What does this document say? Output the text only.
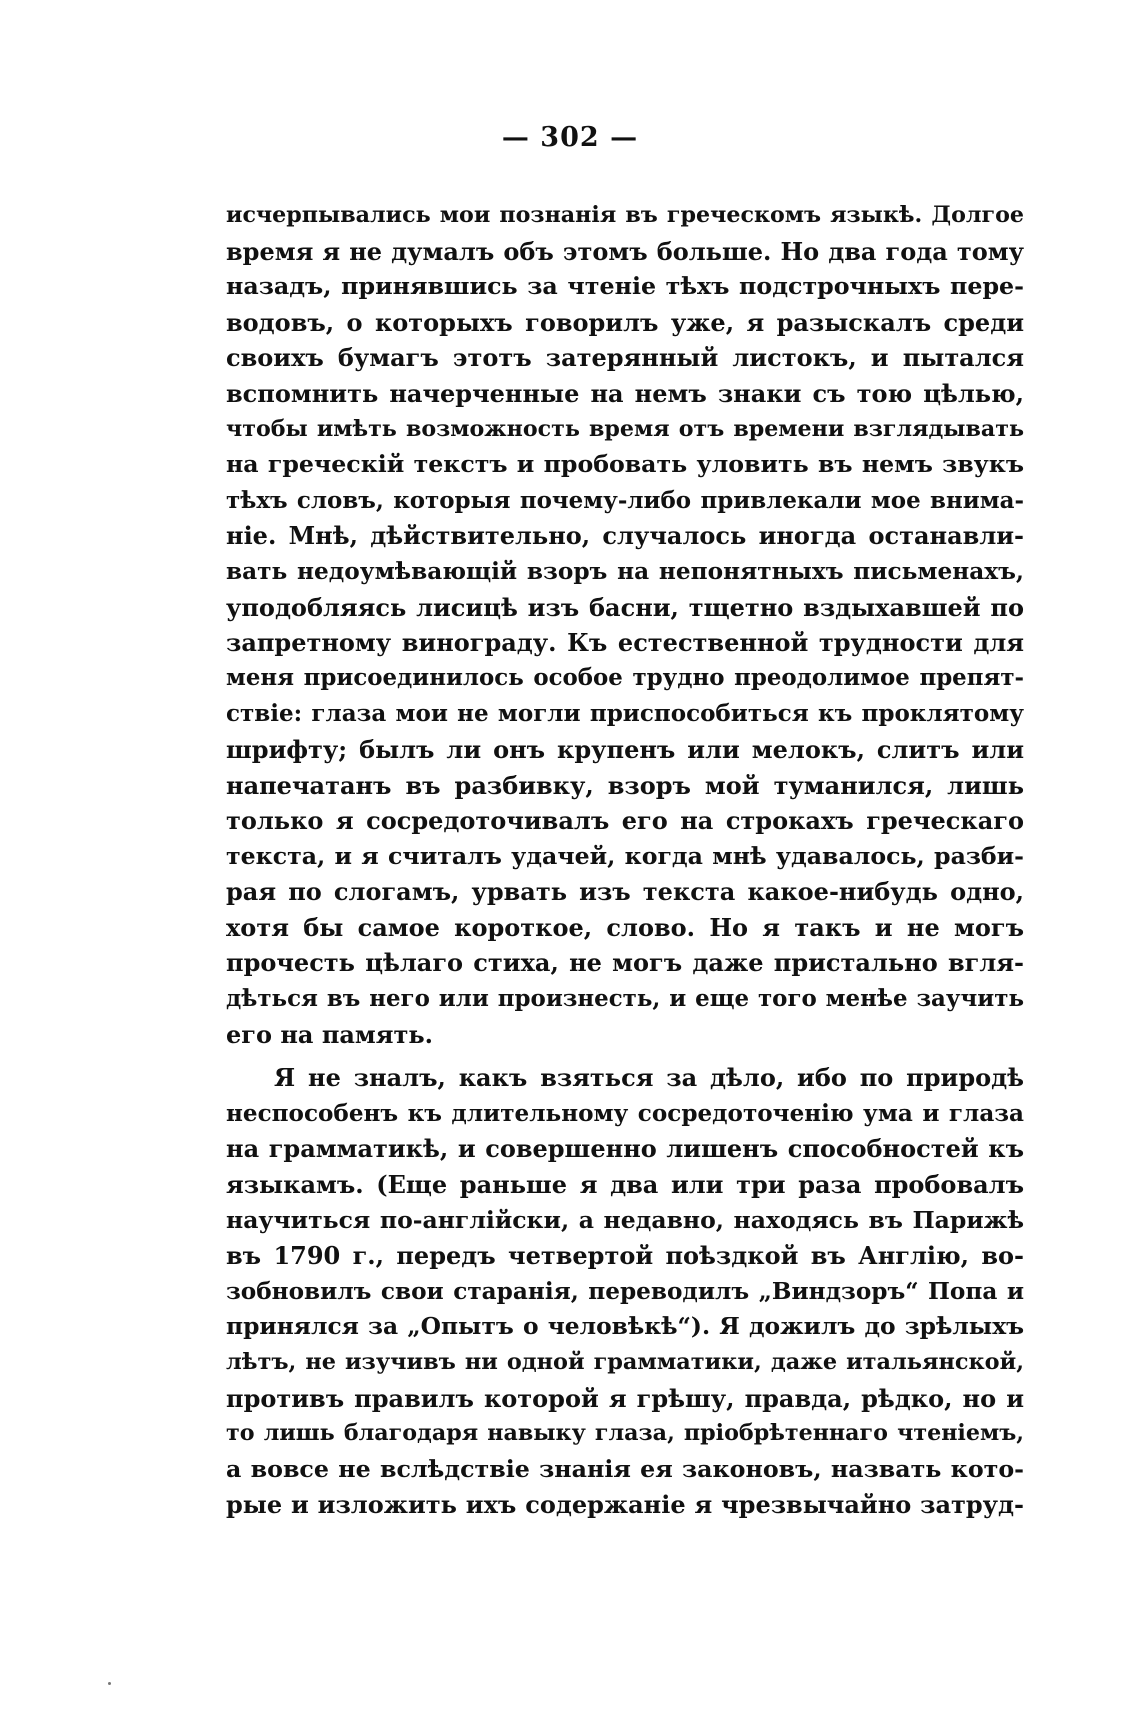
— 302 —
исчерпывались мои познанія въ греческомъ языкѣ. Долгое
время я не думалъ объ этомъ больше. Но два года тому
назадъ, принявшись за чтеніе тѣхъ подстрочныхъ пере-
водовъ, о которыхъ говорилъ уже, я разыскалъ среди
своихъ бумагъ этотъ затерянный листокъ, и пытался
вспомнить начерченные на немъ знаки съ тою цѣлью,
чтобы имѣть возможность время отъ времени взглядывать
на греческій текстъ и пробовать уловить въ немъ звукъ
тѣхъ словъ, которыя почему-либо привлекали мое внима-
ніе. Мнѣ, дѣйствительно, случалось иногда останавли-
вать недоумѣвающій взоръ на непонятныхъ письменахъ,
уподобляясь лисицѣ изъ басни, тщетно вздыхавшей по
запретному винограду. Къ естественной трудности для
меня присоединилось особое трудно преодолимое препят-
ствіе: глаза мои не могли приспособиться къ проклятому
шрифту; былъ ли онъ крупенъ или мелокъ, слитъ или
напечатанъ въ разбивку, взоръ мой туманился, лишь
только я сосредоточивалъ его на строкахъ греческаго
текста, и я считалъ удачей, когда мнѣ удавалось, разби-
рая по слогамъ, урвать изъ текста какое-нибудь одно,
хотя бы самое короткое, слово. Но я такъ и не могъ
прочесть цѣлаго стиха, не могъ даже пристально вгля-
дѣться въ него или произнесть, и еще того менѣе заучить
его на память.
Я не зналъ, какъ взяться за дѣло, ибо по природѣ
неспособенъ къ длительному сосредоточенію ума и глаза
на грамматикѣ, и совершенно лишенъ способностей къ
языкамъ. (Еще раньше я два или три раза пробовалъ
научиться по-англійски, а недавно, находясь въ Парижѣ
въ 1790 г., передъ четвертой поѣздкой въ Англію, во-
зобновилъ свои старанія, переводилъ „Виндзоръ“ Попа и
принялся за „Опытъ о человѣкѣ“). Я дожилъ до зрѣлыхъ
лѣтъ, не изучивъ ни одной грамматики, даже итальянской,
противъ правилъ которой я грѣшу, правда, рѣдко, но и
то лишь благодаря навыку глаза, пріобрѣтеннаго чтеніемъ,
а вовсе не вслѣдствіе знанія ея законовъ, назвать кото-
рые и изложить ихъ содержаніе я чрезвычайно затруд-
